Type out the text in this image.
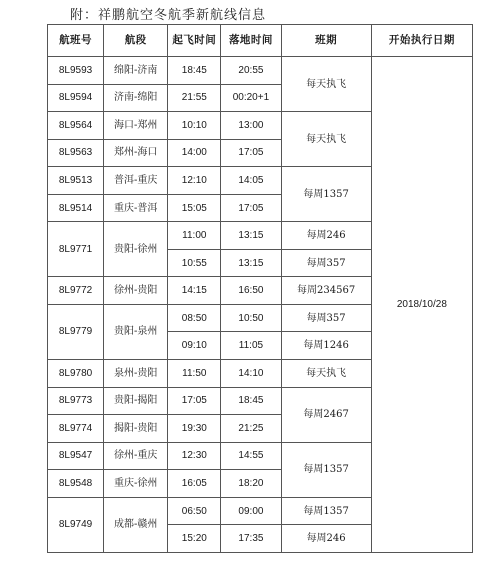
附：祥鹏航空冬航季新航线信息
航班号	航段	起飞时间	落地时间	班期	开始执行日期
8L9593	绵阳-济南	18:45	20:55	每天执飞	2018/10/28
8L9594	济南-绵阳	21:55	00:20+1		
8L9564	海口-郑州	10:10	13:00	每天执飞	
8L9563	郑州-海口	14:00	17:05		
8L9513	普洱-重庆	12:10	14:05	每周1357	
8L9514	重庆-普洱	15:05	17:05		
8L9771	贵阳-徐州	11:00	13:15	每周246	
		10:55	13:15	每周357	
8L9772	徐州-贵阳	14:15	16:50	每周234567	
8L9779	贵阳-泉州	08:50	10:50	每周357	
		09:10	11:05	每周1246	
8L9780	泉州-贵阳	11:50	14:10	每天执飞	
8L9773	贵阳-揭阳	17:05	18:45	每周2467	
8L9774	揭阳-贵阳	19:30	21:25		
8L9547	徐州-重庆	12:30	14:55	每周1357	
8L9548	重庆-徐州	16:05	18:20		
8L9749	成都-赣州	06:50	09:00	每周1357	
		15:20	17:35	每周246	
